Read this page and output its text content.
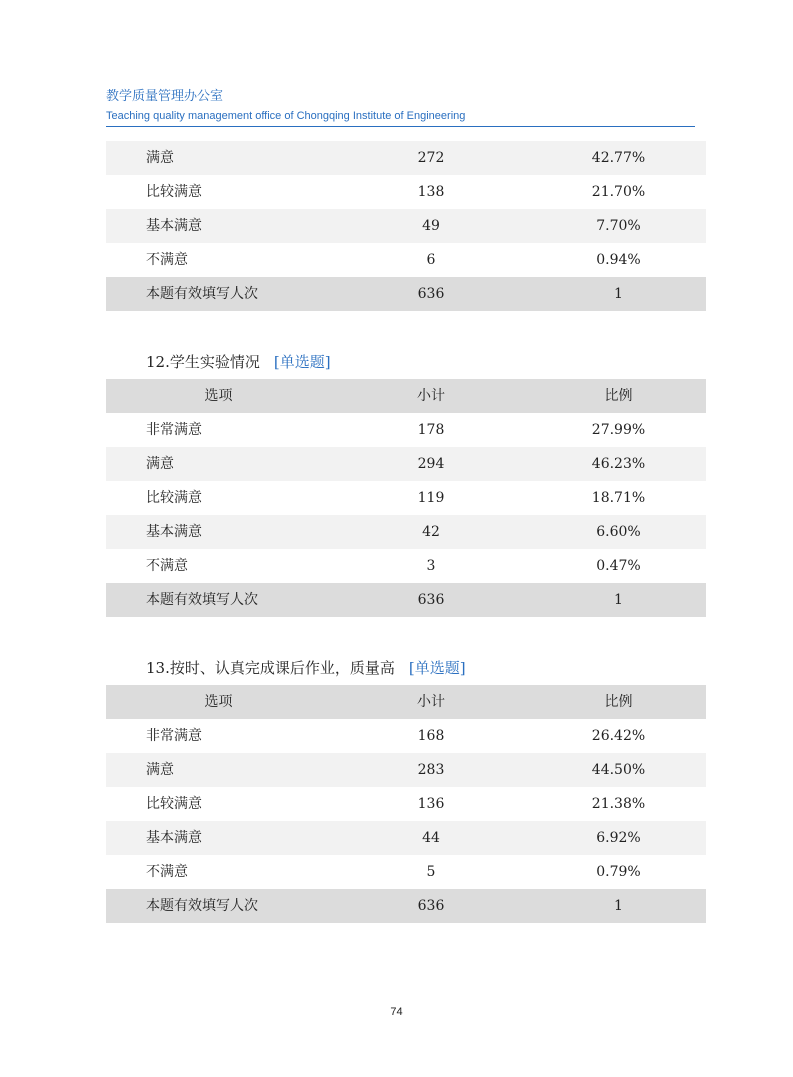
教学质量管理办公室
Teaching quality management office of Chongqing Institute of Engineering
满意	272	42.77%
比较满意	138	21.70%
基本满意	49	7.70%
不满意	6	0.94%
本题有效填写人次	636	1
12.学生实验情况 [单选题]
选项	小计	比例
非常满意	178	27.99%
满意	294	46.23%
比较满意	119	18.71%
基本满意	42	6.60%
不满意	3	0.47%
本题有效填写人次	636	1
13.按时、认真完成课后作业，质量高 [单选题]
选项	小计	比例
非常满意	168	26.42%
满意	283	44.50%
比较满意	136	21.38%
基本满意	44	6.92%
不满意	5	0.79%
本题有效填写人次	636	1
74
